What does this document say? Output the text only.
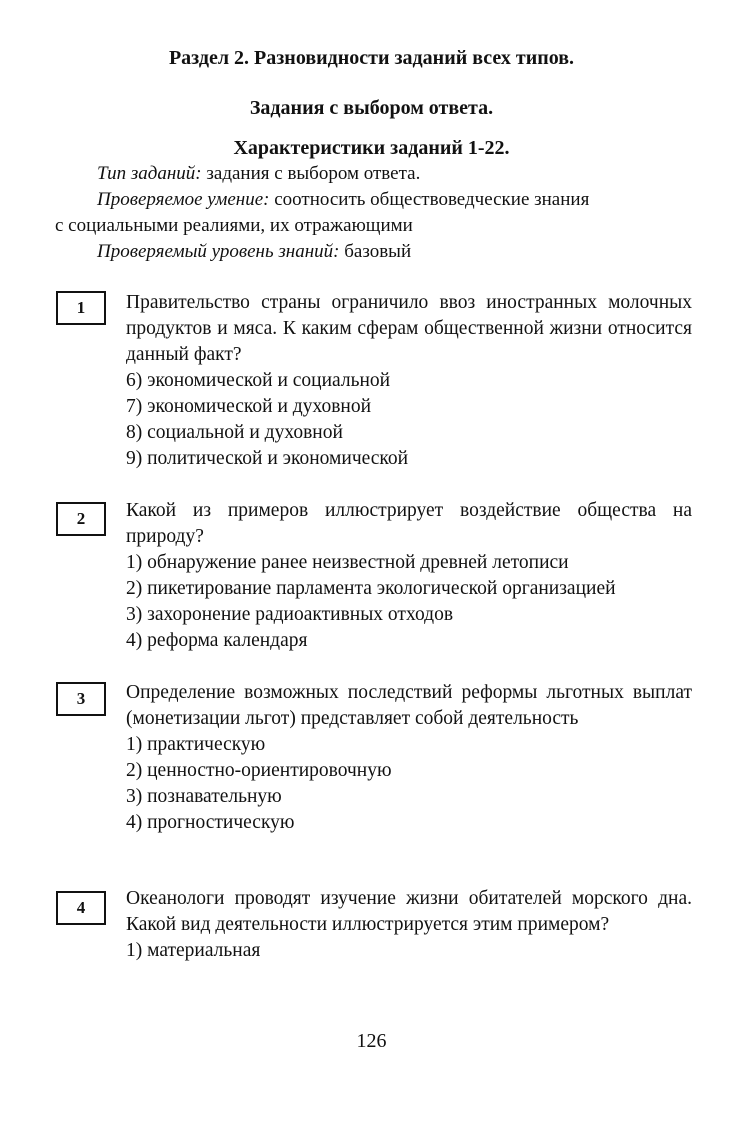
Раздел 2. Разновидности заданий всех типов.
Задания с выбором ответа.
Характеристики заданий 1-22.
Тип заданий: задания с выбором ответа.
Проверяемое умение: соотносить обществоведческие знания
с социальными реалиями, их отражающими
Проверяемый уровень знаний: базовый
1 Правительство страны ограничило ввоз иностранных молочных продуктов и мяса. К каким сферам общественной жизни относится данный факт?

6) экономической и социальной
7) экономической и духовной
8) социальной и духовной
9) политической и экономической
2 Какой из примеров иллюстрирует воздействие общества на природу?

1) обнаружение ранее неизвестной древней летописи
2) пикетирование парламента экологической организацией
3) захоронение радиоактивных отходов
4) реформа календаря
3 Определение возможных последствий реформы льготных выплат (монетизации льгот) представляет собой деятельность

1) практическую
2) ценностно-ориентировочную
3) познавательную
4) прогностическую
4 Океанологи проводят изучение жизни обитателей морского дна. Какой вид деятельности иллюстрируется этим примером?

1) материальная
126
